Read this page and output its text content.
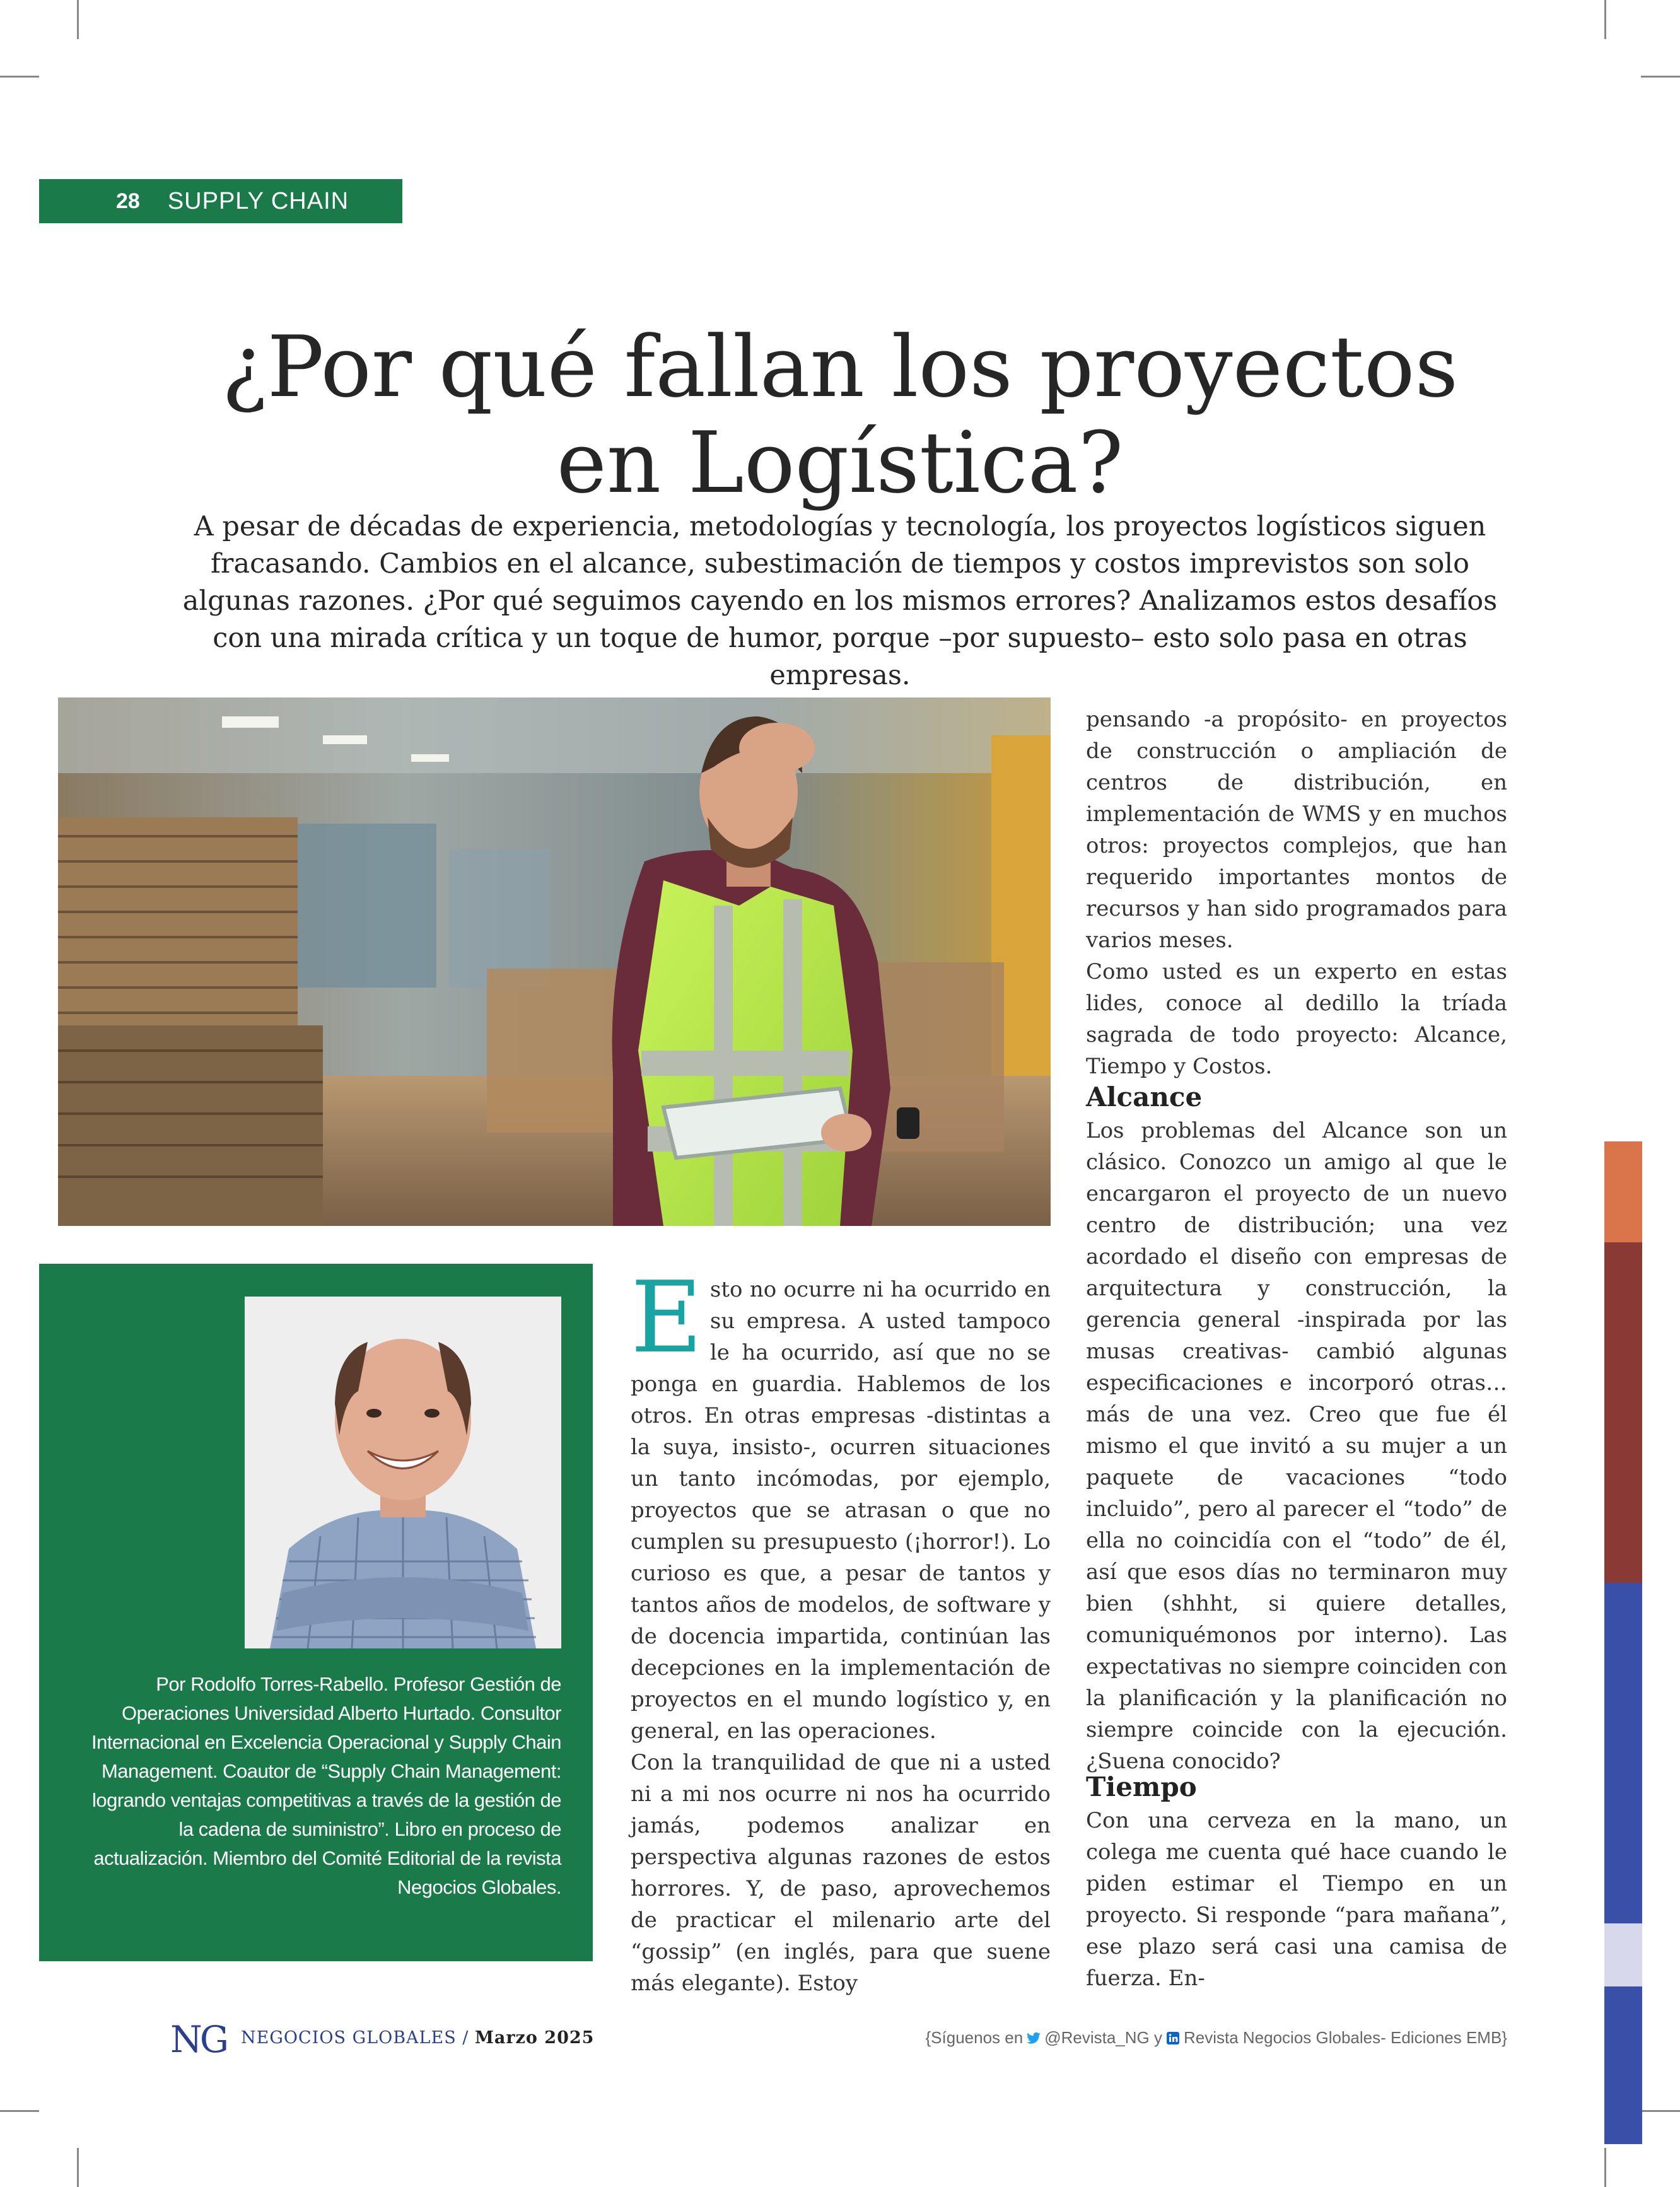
28 SUPPLY CHAIN
¿Por qué fallan los proyectos
en Logística?

A pesar de décadas de experiencia, metodologías y tecnología, los proyectos logísticos siguen fracasando. Cambios en el alcance, subestimación de tiempos y costos imprevistos son solo algunas razones. ¿Por qué seguimos cayendo en los mismos errores? Analizamos estos desafíos con una mirada crítica y un toque de humor, porque –por supuesto– esto solo pasa en otras empresas.

Por Rodolfo Torres-Rabello. Profesor Gestión de Operaciones Universidad Alberto Hurtado. Consultor Internacional en Excelencia Operacional y Supply Chain Management. Coautor de “Supply Chain Management: logrando ventajas competitivas a través de la gestión de la cadena de suministro”. Libro en proceso de actualización. Miembro del Comité Editorial de la revista Negocios Globales.

Esto no ocurre ni ha ocurrido en su empresa. A usted tampoco le ha ocurrido, así que no se ponga en guardia. Hablemos de los otros. En otras empresas -distintas a la suya, insisto-, ocurren situaciones un tanto incómodas, por ejemplo, proyectos que se atrasan o que no cumplen su presupuesto (¡horror!). Lo curioso es que, a pesar de tantos y tantos años de modelos, de software y de docencia impartida, continúan las decepciones en la implementación de proyectos en el mundo logístico y, en general, en las operaciones.

Con la tranquilidad de que ni a usted ni a mi nos ocurre ni nos ha ocurrido jamás, podemos analizar en perspectiva algunas razones de estos horrores. Y, de paso, aprovechemos de practicar el milenario arte del “gossip” (en inglés, para que suene más elegante). Estoy

pensando -a propósito- en proyectos de construcción o ampliación de centros de distribución, en implementación de WMS y en muchos otros: proyectos complejos, que han requerido importantes montos de recursos y han sido programados para varios meses.

Como usted es un experto en estas lides, conoce al dedillo la tríada sagrada de todo proyecto: Alcance, Tiempo y Costos.

Alcance

Los problemas del Alcance son un clásico. Conozco un amigo al que le encargaron el proyecto de un nuevo centro de distribución; una vez acordado el diseño con empresas de arquitectura y construcción, la gerencia general -inspirada por las musas creativas- cambió algunas especificaciones e incorporó otras… más de una vez. Creo que fue él mismo el que invitó a su mujer a un paquete de vacaciones “todo incluido”, pero al parecer el “todo” de ella no coincidía con el “todo” de él, así que esos días no terminaron muy bien (shhht, si quiere detalles, comuniquémonos por interno). Las expectativas no siempre coinciden con la planificación y la planificación no siempre coincide con la ejecución. ¿Suena conocido?

Tiempo

Con una cerveza en la mano, un colega me cuenta qué hace cuando le piden estimar el Tiempo en un proyecto. Si responde “para mañana”, ese plazo será casi una camisa de fuerza. En-

NG NEGOCIOS GLOBALES / Marzo 2025	{Síguenos en @Revista_NG y Revista Negocios Globales- Ediciones EMB}
